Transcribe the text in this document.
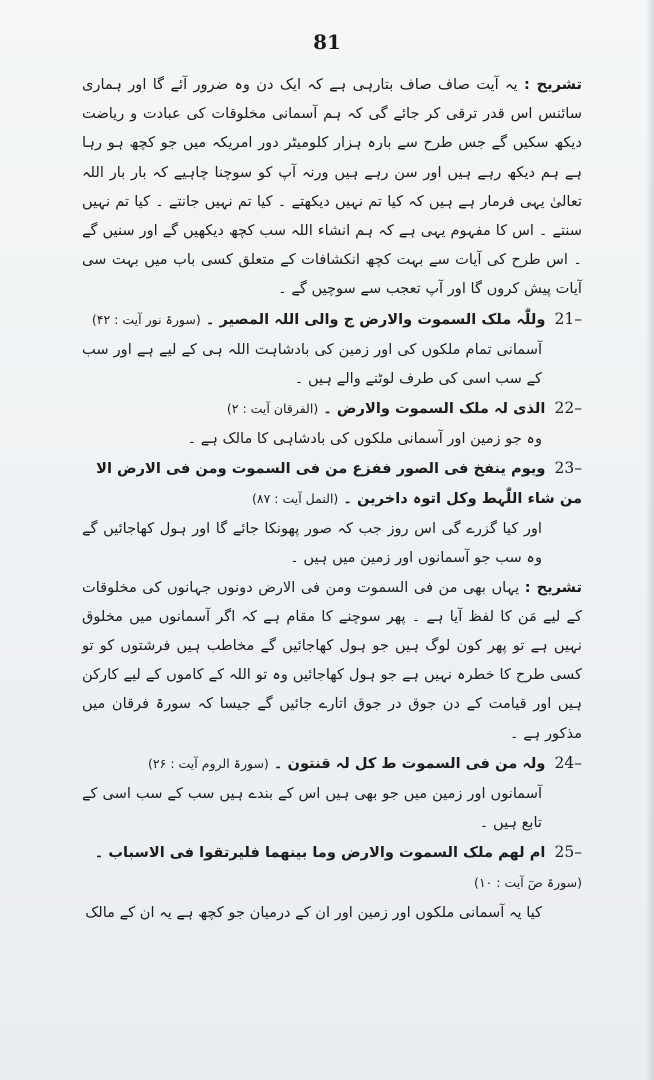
81

تشریح : یہ آیت صاف صاف بتارہی ہے کہ ایک دن وہ ضرور آئے گا اور ہماری سائنس اس قدر ترقی کر جائے گی کہ ہم آسمانی مخلوقات کی عبادت و ریاضت دیکھ سکیں گے جس طرح سے بارہ ہزار کلومیٹر دور امریکہ میں جو کچھ ہو رہا ہے ہم دیکھ رہے ہیں اور سن رہے ہیں ورنہ آپ کو سوچنا چاہیے کہ بار بار اللہ تعالیٰ یہی فرمار ہے ہیں کہ کیا تم نہیں دیکھتے ۔ کیا تم نہیں جانتے ۔ کیا تم نہیں سنتے ۔ اس کا مفہوم یہی ہے کہ ہم انشاء اللہ سب کچھ دیکھیں گے اور سنیں گے ۔ اس طرح کی آیات سے بہت کچھ انکشافات کے متعلق کسی باب میں بہت سی آیات پیش کروں گا اور آپ تعجب سے سوچیں گے ۔

21– وللّٰہ ملک السموت والارض ج والی اللہ المصیر ۔ (سورۃ نور آیت : ۴۲)

آسمانی تمام ملکوں کی اور زمین کی بادشاہت اللہ ہی کے لیے ہے اور سب کے سب اسی کی طرف لوٹنے والے ہیں ۔

22– الذی لہ ملک السموت والارض ۔ (الفرقان آیت : ۲)

وہ جو زمین اور آسمانی ملکوں کی بادشاہی کا مالک ہے ۔

23– ویوم ینفخ فی الصور ففزع من فی السموت ومن فی الارض الا من شاء اللّٰہط وکل اتوہ داخرین ۔ (النمل آیت : ۸۷)

اور کیا گزرے گی اس روز جب کہ صور پھونکا جائے گا اور ہول کھاجائیں گے وہ سب جو آسمانوں اور زمین میں ہیں ۔

تشریح : یہاں بھی من فی السموت ومن فی الارض دونوں جہانوں کی مخلوقات کے لیے مَن کا لفظ آیا ہے ۔ پھر سوچنے کا مقام ہے کہ اگر آسمانوں میں مخلوق نہیں ہے تو پھر کون لوگ ہیں جو ہول کھاجائیں گے مخاطب ہیں فرشتوں کو تو کسی طرح کا خطرہ نہیں ہے جو ہول کھاجائیں وہ تو اللہ کے کاموں کے لیے کارکن ہیں اور قیامت کے دن جوق در جوق اتارے جائیں گے جیسا کہ سورۃ فرقان میں مذکور ہے ۔

24– ولہ من فی السموت ط کل لہ قنتون ۔ (سورۃ الروم آیت : ۲۶)

آسمانوں اور زمین میں جو بھی ہیں اس کے بندے ہیں سب کے سب اسی کے تابع ہیں ۔

25– ام لھم ملک السموت والارض وما بینھما فلیرتقوا فی الاسباب ۔ (سورۃ صٓ آیت : ۱۰)

کیا یہ آسمانی ملکوں اور زمین اور ان کے درمیان جو کچھ ہے یہ ان کے مالک
